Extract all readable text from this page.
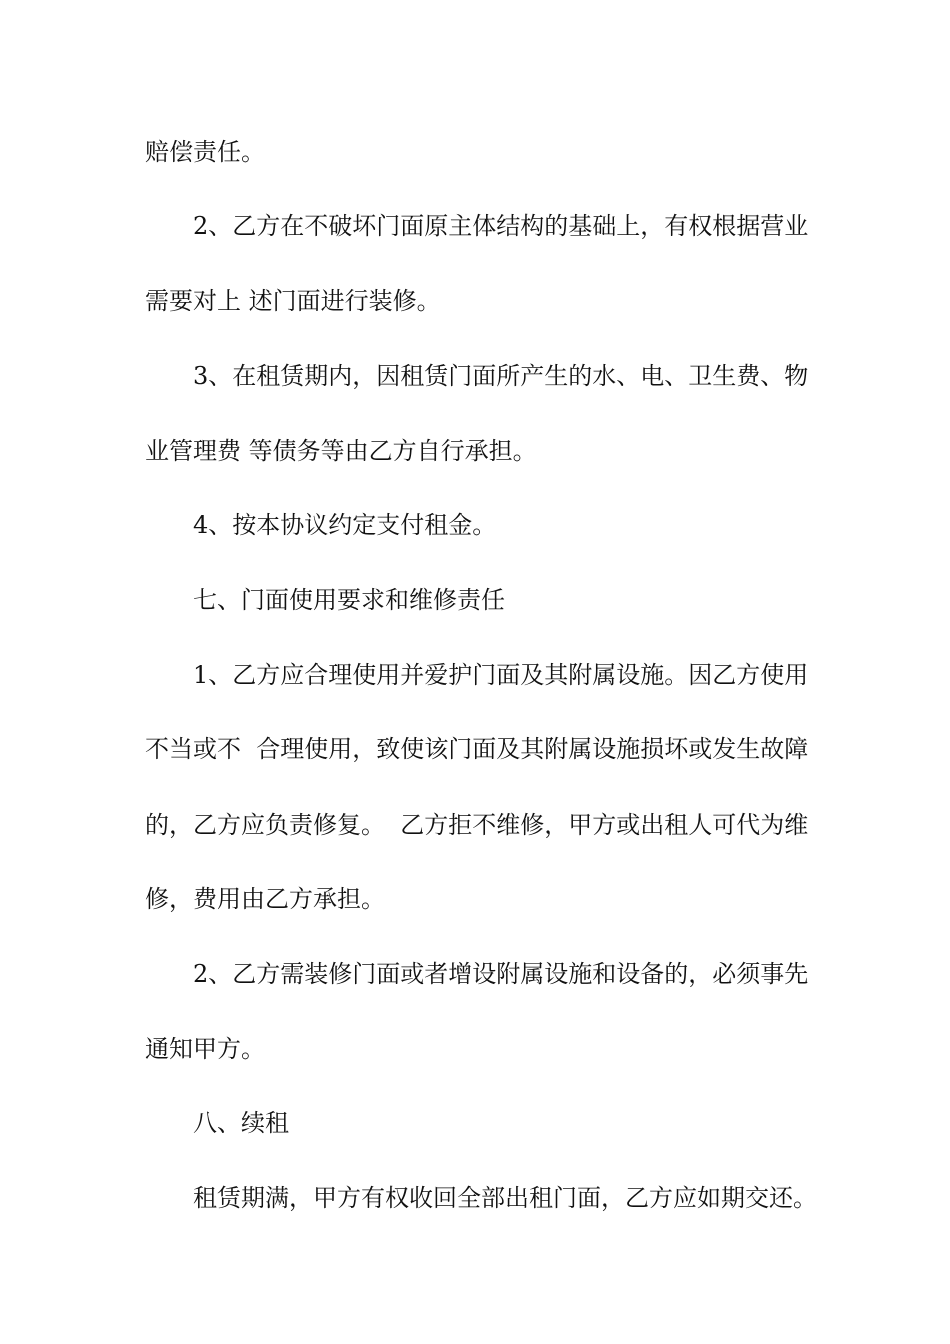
赔偿责任。
2、乙方在不破坏门面原主体结构的基础上，有权根据营业
需要对上 述门面进行装修。
3、在租赁期内，因租赁门面所产生的水、电、卫生费、物
业管理费 等债务等由乙方自行承担。
4、按本协议约定支付租金。
七、门面使用要求和维修责任
1、乙方应合理使用并爱护门面及其附属设施。因乙方使用
不当或不  合理使用，致使该门面及其附属设施损坏或发生故障
的，乙方应负责修复。  乙方拒不维修，甲方或出租人可代为维
修，费用由乙方承担。
2、乙方需装修门面或者增设附属设施和设备的，必须事先
通知甲方。
八、续租
租赁期满，甲方有权收回全部出租门面，乙方应如期交还。
